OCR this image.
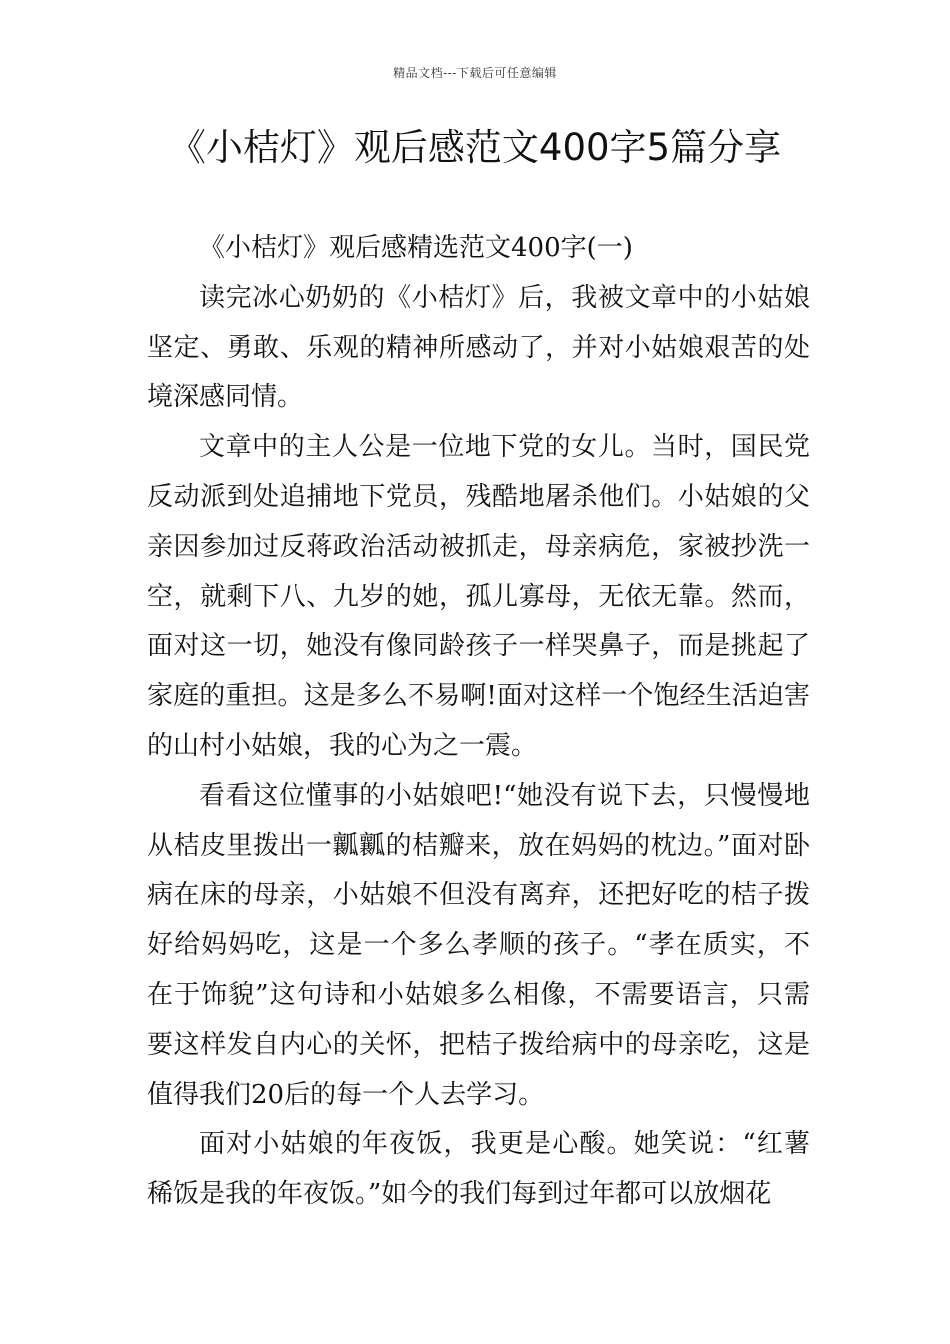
精品文档---下载后可任意编辑
《小桔灯》观后感范文400字5篇分享

《小桔灯》观后感精选范文400字(一)

读完冰心奶奶的《小桔灯》后，我被文章中的小姑娘坚定、勇敢、乐观的精神所感动了，并对小姑娘艰苦的处境深感同情。

文章中的主人公是一位地下党的女儿。当时，国民党反动派到处追捕地下党员，残酷地屠杀他们。小姑娘的父亲因参加过反蒋政治活动被抓走，母亲病危，家被抄洗一空，就剩下八、九岁的她，孤儿寡母，无依无靠。然而，面对这一切，她没有像同龄孩子一样哭鼻子，而是挑起了家庭的重担。这是多么不易啊!面对这样一个饱经生活迫害的山村小姑娘，我的心为之一震。

看看这位懂事的小姑娘吧!“她没有说下去，只慢慢地从桔皮里拨出一瓤瓤的桔瓣来，放在妈妈的枕边。”面对卧病在床的母亲，小姑娘不但没有离弃，还把好吃的桔子拨好给妈妈吃，这是一个多么孝顺的孩子。“孝在质实，不在于饰貌”这句诗和小姑娘多么相像，不需要语言，只需要这样发自内心的关怀，把桔子拨给病中的母亲吃，这是值得我们20后的每一个人去学习。

面对小姑娘的年夜饭，我更是心酸。她笑说：“红薯稀饭是我的年夜饭。”如今的我们每到过年都可以放烟花
